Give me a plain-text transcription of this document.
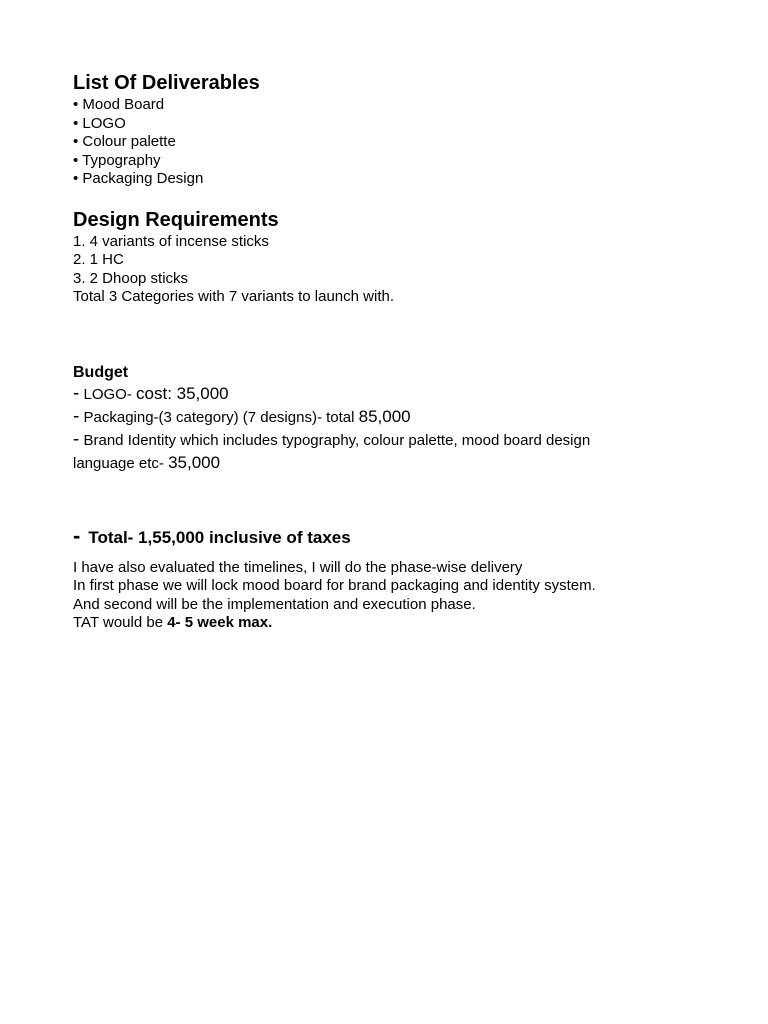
List Of Deliverables

• Mood Board

• LOGO

• Colour palette

• Typography

• Packaging Design

Design Requirements

1. 4 variants of incense sticks

2. 1 HC

3. 2 Dhoop sticks

Total 3 Categories with 7 variants to launch with.

Budget

- LOGO- cost: 35,000

- Packaging-(3 category) (7 designs)- total 85,000

- Brand Identity which includes typography, colour palette, mood board design

language etc- 35,000

- Total- 1,55,000 inclusive of taxes

I have also evaluated the timelines, I will do the phase-wise delivery

In first phase we will lock mood board for brand packaging and identity system.

And second will be the implementation and execution phase.

TAT would be 4- 5 week max.
